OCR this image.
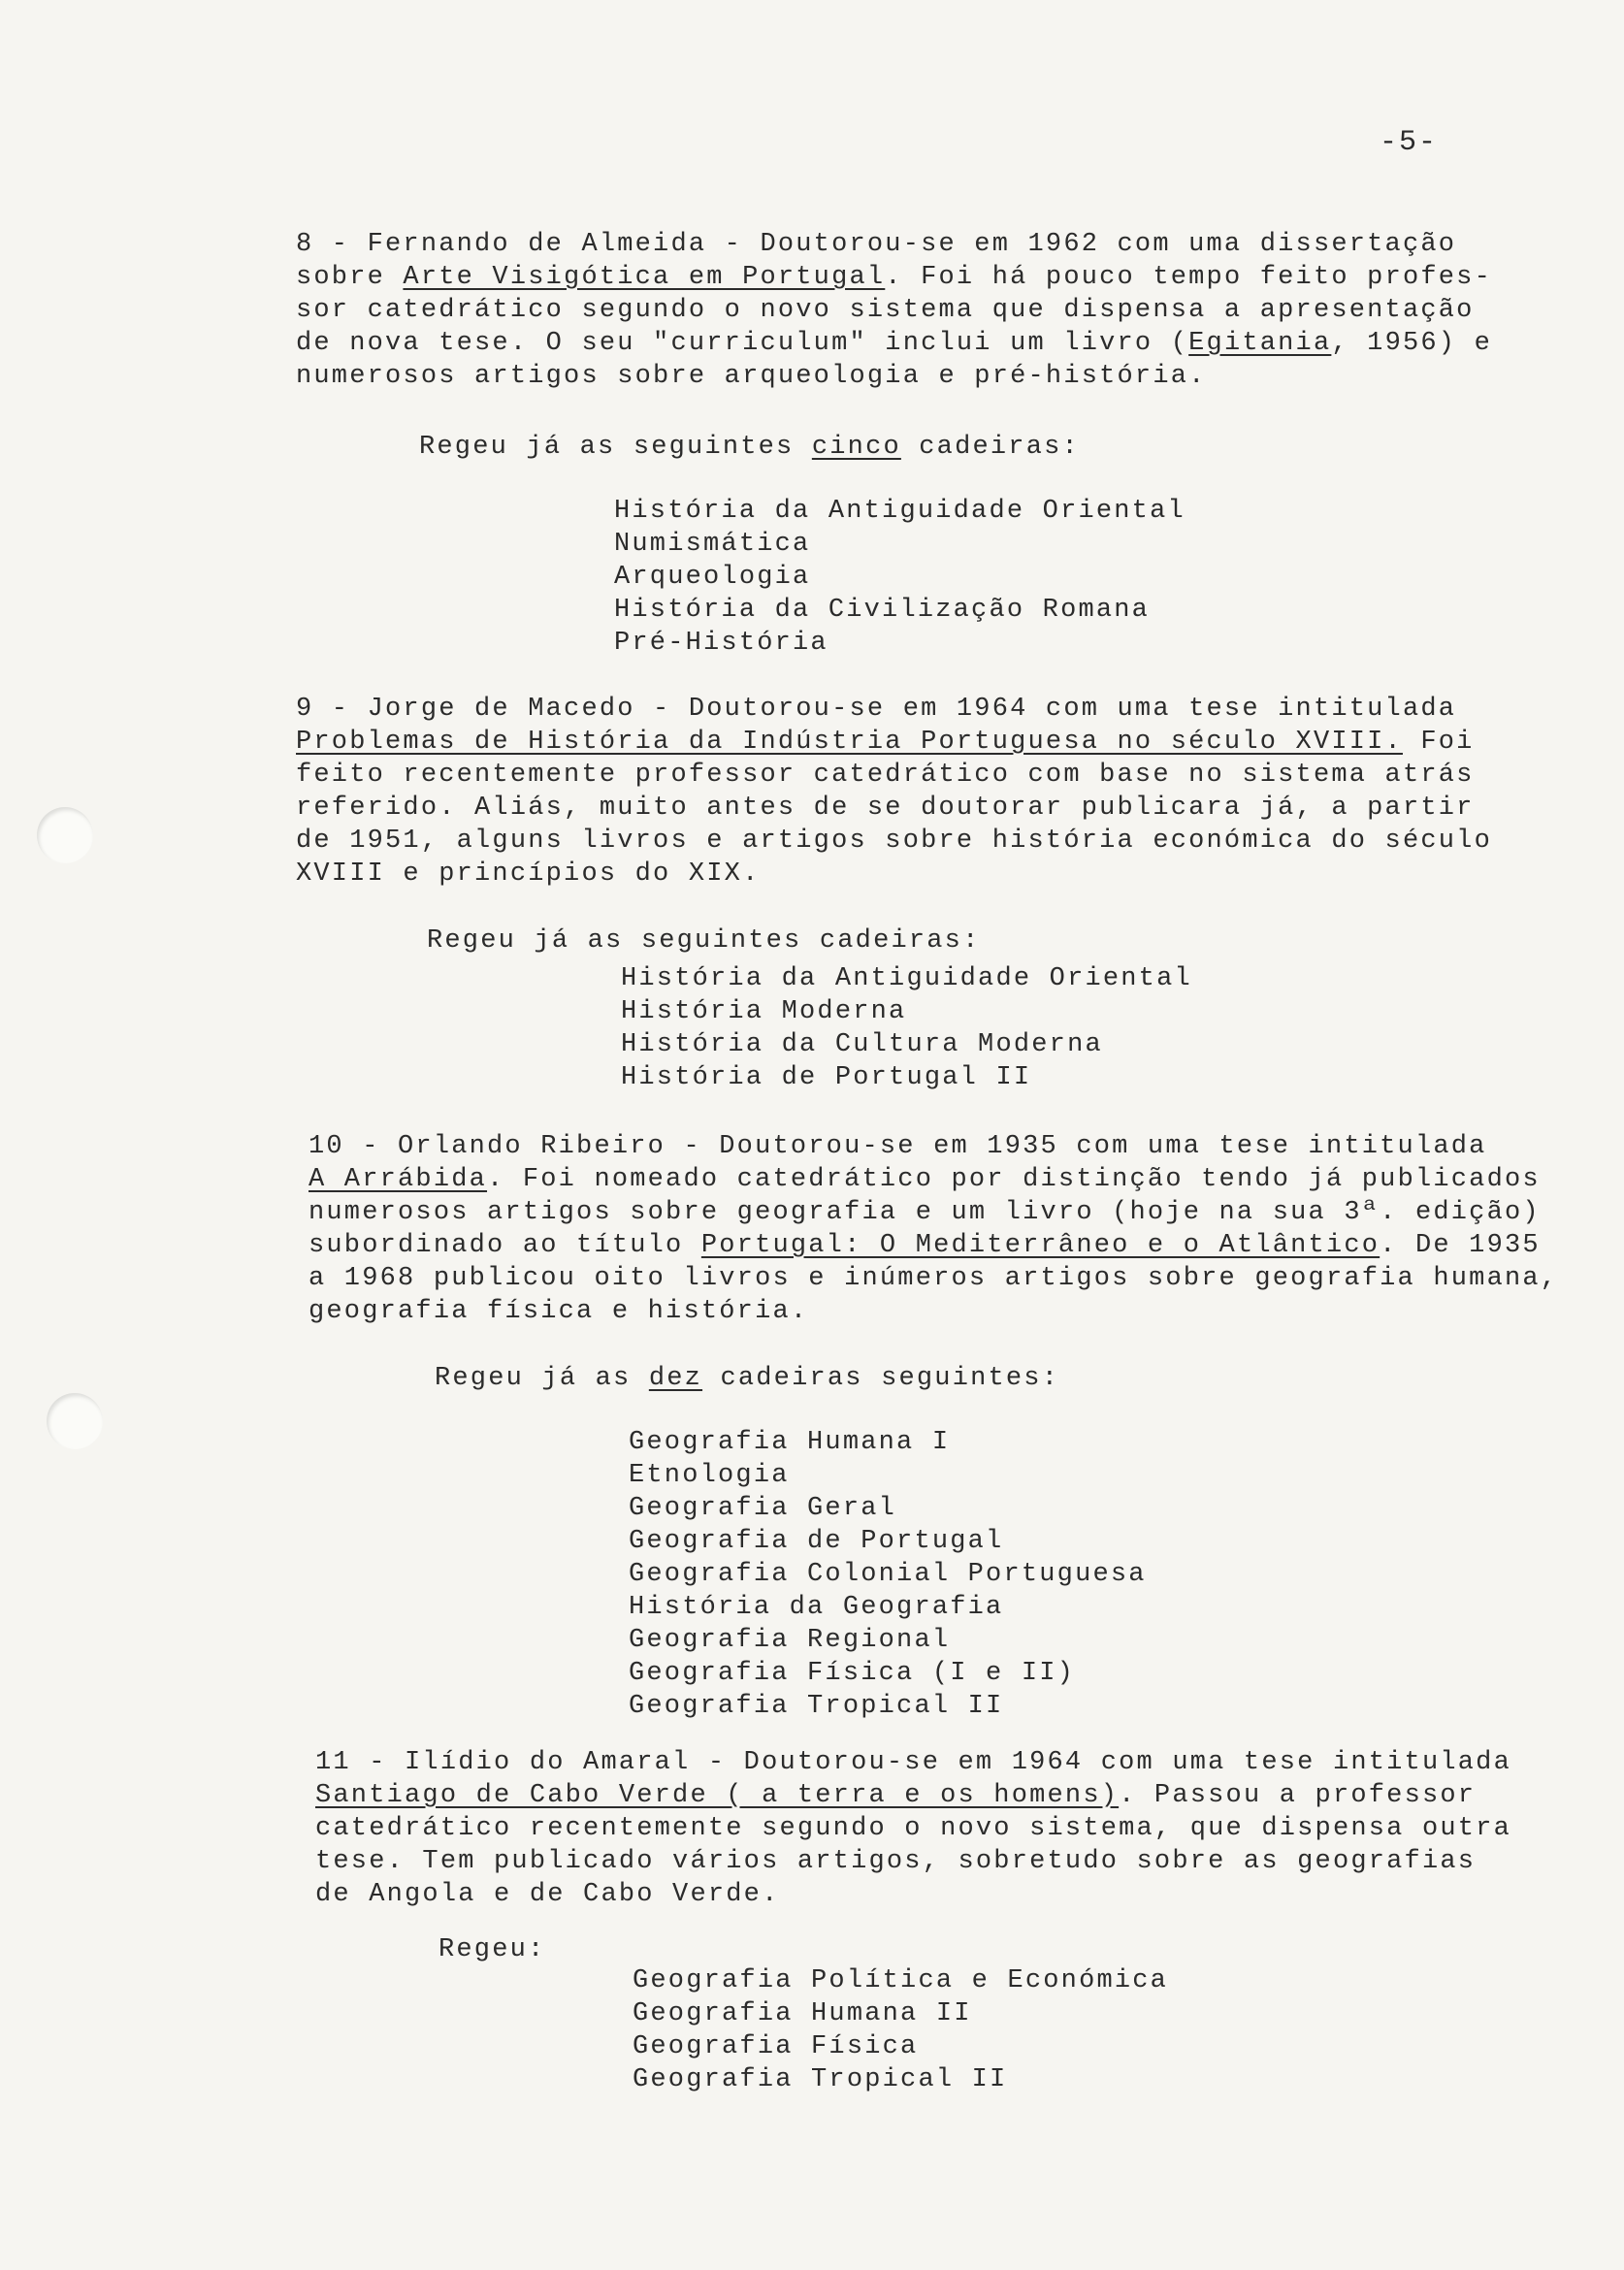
-5-

8 - Fernando de Almeida - Doutorou-se em 1962 com uma dissertação
sobre Arte Visigótica em Portugal. Foi há pouco tempo feito profes-
sor catedrático segundo o novo sistema que dispensa a apresentação
de nova tese. O seu "curriculum" inclui um livro (Egitania, 1956) e
numerosos artigos sobre arqueologia e pré-história.

Regeu já as seguintes cinco cadeiras:
História da Antiguidade Oriental
Numismática
Arqueologia
História da Civilização Romana
Pré-História

9 - Jorge de Macedo - Doutorou-se em 1964 com uma tese intitulada
Problemas de História da Indústria Portuguesa no século XVIII. Foi
feito recentemente professor catedrático com base no sistema atrás
referido. Aliás, muito antes de se doutorar publicara já, a partir
de 1951, alguns livros e artigos sobre história económica do século
XVIII e princípios do XIX.

Regeu já as seguintes cadeiras:
História da Antiguidade Oriental
História Moderna
História da Cultura Moderna
História de Portugal II

10 - Orlando Ribeiro - Doutorou-se em 1935 com uma tese intitulada
A Arrábida. Foi nomeado catedrático por distinção tendo já publicados
numerosos artigos sobre geografia e um livro (hoje na sua 3ª. edição)
subordinado ao título Portugal: O Mediterrâneo e o Atlântico. De 1935
a 1968 publicou oito livros e inúmeros artigos sobre geografia humana,
geografia física e história.

Regeu já as dez cadeiras seguintes:
Geografia Humana I
Etnologia
Geografia Geral
Geografia de Portugal
Geografia Colonial Portuguesa
História da Geografia
Geografia Regional
Geografia Física (I e II)
Geografia Tropical II

11 - Ilídio do Amaral - Doutorou-se em 1964 com uma tese intitulada
Santiago de Cabo Verde ( a terra e os homens). Passou a professor
catedrático recentemente segundo o novo sistema, que dispensa outra
tese. Tem publicado vários artigos, sobretudo sobre as geografias
de Angola e de Cabo Verde.

Regeu:
Geografia Política e Económica
Geografia Humana II
Geografia Física
Geografia Tropical II
